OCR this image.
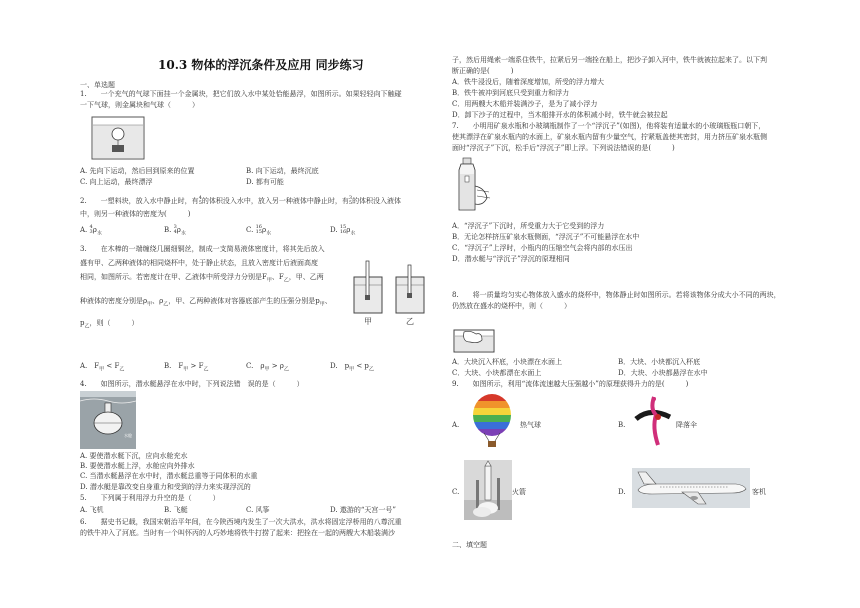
10.3 物体的浮沉条件及应用 同步练习
一、单选题
1.　　一个充气的气球下面挂一个金属块，把它们放入水中某处恰能悬浮，如图所示。如果轻轻向下触碰
一下气球，则金属块和气球（　　　）
A. 先向下运动，然后回到原来的位置	B. 向下运动，最终沉底
C. 向上运动，最终漂浮	D. 都有可能
2.　　一塑料块，放入水中静止时，有4
5的体积没入水中，放入另一种液体中静止时，有3
5的体积没入液体
中，则另一种液体的密度为(　　　)
A. 4
$3\rho_水$	B. 3
$4\rho_水$	C. 16
$15\rho_水$	D. 15
$16\rho_水$
3.　　在木棒的一端缠绕几圈细铜丝，制成一支简易液体密度计，将其先后放入
盛有甲、乙两种液体的相同烧杯中，处于静止状态，且放入密度计后液面高度
相同，如图所示。若密度计在甲、乙液体中所受浮力分别是$F_甲$、$F_乙$，甲、乙两
种液体的密度分别是$\rho_甲$、$\rho_乙$，甲、乙两种液体对容器底部产生的压强分别是$p_甲$、
$p_乙$，则（　　　）	甲	乙
A.　$F_甲 < F_乙$	B.　$F_甲 > F_乙$	C.　$\rho_甲 > \rho_乙$	D.　$p_甲 < p_乙$
4.　　如图所示，潜水艇悬浮在水中时，下列说法错　误的是（　　　）
水舱
A. 要使潜水艇下沉，应向水舱充水
B. 要使潜水艇上浮，水舱应向外排水
C. 当潜水艇悬浮在水中时，潜水艇总重等于同体积的水重
D. 潜水艇是靠改变自身重力和受到的浮力来实现浮沉的
5.　　下列属于利用浮力升空的是（　　　）
A. 飞机	B. 飞艇	C. 风筝	D. 遨游的“天宫一号”
6.　　据史书记载，我国宋朝治平年间，在今陕西境内发生了一次大洪水，洪水将固定浮桥用的八尊沉重
的铁牛冲入了河底。当时有一个叫怀丙的人巧妙地将铁牛打捞了起来：把拴在一起的两艘大木船装满沙
子，然后用绳索一端系住铁牛，拉紧后另一端拴在船上，把沙子卸入河中，铁牛就被拉起来了。以下判
断正确的是(　　　)
A．铁牛浸没后，随着深度增加，所受的浮力增大
B．铁牛被冲到河底只受到重力和浮力
C．用两艘大木船并装满沙子，是为了减小浮力
D．卸下沙子的过程中，当木船排开水的体积减小时，铁牛就会被拉起
7.　　小明用矿泉水瓶和小玻璃瓶制作了一个“浮沉子”(如图)，他将装有适量水的小玻璃瓶瓶口朝下，
使其漂浮在矿泉水瓶内的水面上，矿泉水瓶内留有少量空气，拧紧瓶盖使其密封，用力挤压矿泉水瓶侧
面时“浮沉子”下沉，松手后“浮沉子”即上浮。下列说法错误的是(　　　)
A．“浮沉子”下沉时，所受重力大于它受到的浮力
B．无论怎样挤压矿泉水瓶侧面，“浮沉子”不可能悬浮在水中
C．“浮沉子”上浮时，小瓶内的压缩空气会将内部的水压出
D．潜水艇与“浮沉子”浮沉的原理相同
8.　　将一质量均匀实心物体放入盛水的烧杯中，物体静止时如图所示。若将该物体分成大小不同的两块，
仍然放在盛水的烧杯中，则（　　　）
A．大块沉入杯底，小块漂在水面上	B．大块、小块都沉入杯底
C．大块、小块都漂在水面上	D．大块、小块都悬浮在水中
9.　　如图所示，利用“流体流速越大压强越小”的原理获得升力的是(　　　)
A.	热气球	B.	降落伞
C.	火箭	D.	客机
二、填空题
